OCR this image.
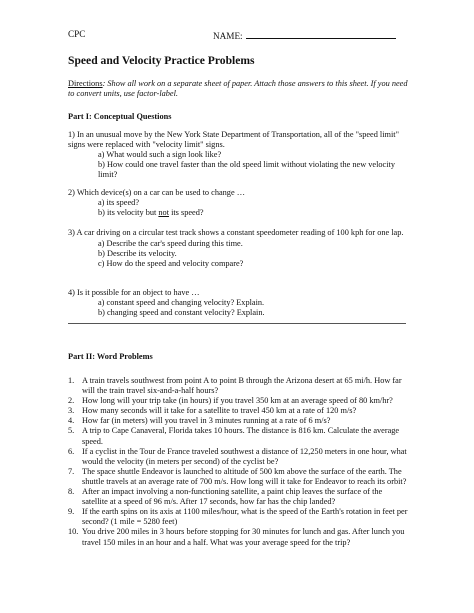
CPC	NAME:
Speed and Velocity Practice Problems
Directions: Show all work on a separate sheet of paper. Attach those answers to this sheet. If you need to convert units, use factor-label.
Part I: Conceptual Questions
1) In an unusual move by the New York State Department of Transportation, all of the "speed limit" signs were replaced with "velocity limit" signs.
a) What would such a sign look like?
b) How could one travel faster than the old speed limit without violating the new velocity limit?
2) Which device(s) on a car can be used to change …
a) its speed?
b) its velocity but not its speed?
3) A car driving on a circular test track shows a constant speedometer reading of 100 kph for one lap.
a) Describe the car's speed during this time.
b) Describe its velocity.
c) How do the speed and velocity compare?
4) Is it possible for an object to have …
a) constant speed and changing velocity? Explain.
b) changing speed and constant velocity? Explain.
Part II: Word Problems
1. A train travels southwest from point A to point B through the Arizona desert at 65 mi/h. How far will the train travel six-and-a-half hours?
2. How long will your trip take (in hours) if you travel 350 km at an average speed of 80 km/hr?
3. How many seconds will it take for a satellite to travel 450 km at a rate of 120 m/s?
4. How far (in meters) will you travel in 3 minutes running at a rate of 6 m/s?
5. A trip to Cape Canaveral, Florida takes 10 hours. The distance is 816 km. Calculate the average speed.
6. If a cyclist in the Tour de France traveled southwest a distance of 12,250 meters in one hour, what would the velocity (in meters per second) of the cyclist be?
7. The space shuttle Endeavor is launched to altitude of 500 km above the surface of the earth. The shuttle travels at an average rate of 700 m/s. How long will it take for Endeavor to reach its orbit?
8. After an impact involving a non-functioning satellite, a paint chip leaves the surface of the satellite at a speed of 96 m/s. After 17 seconds, how far has the chip landed?
9. If the earth spins on its axis at 1100 miles/hour, what is the speed of the Earth's rotation in feet per second? (1 mile = 5280 feet)
10. You drive 200 miles in 3 hours before stopping for 30 minutes for lunch and gas. After lunch you travel 150 miles in an hour and a half. What was your average speed for the trip?
